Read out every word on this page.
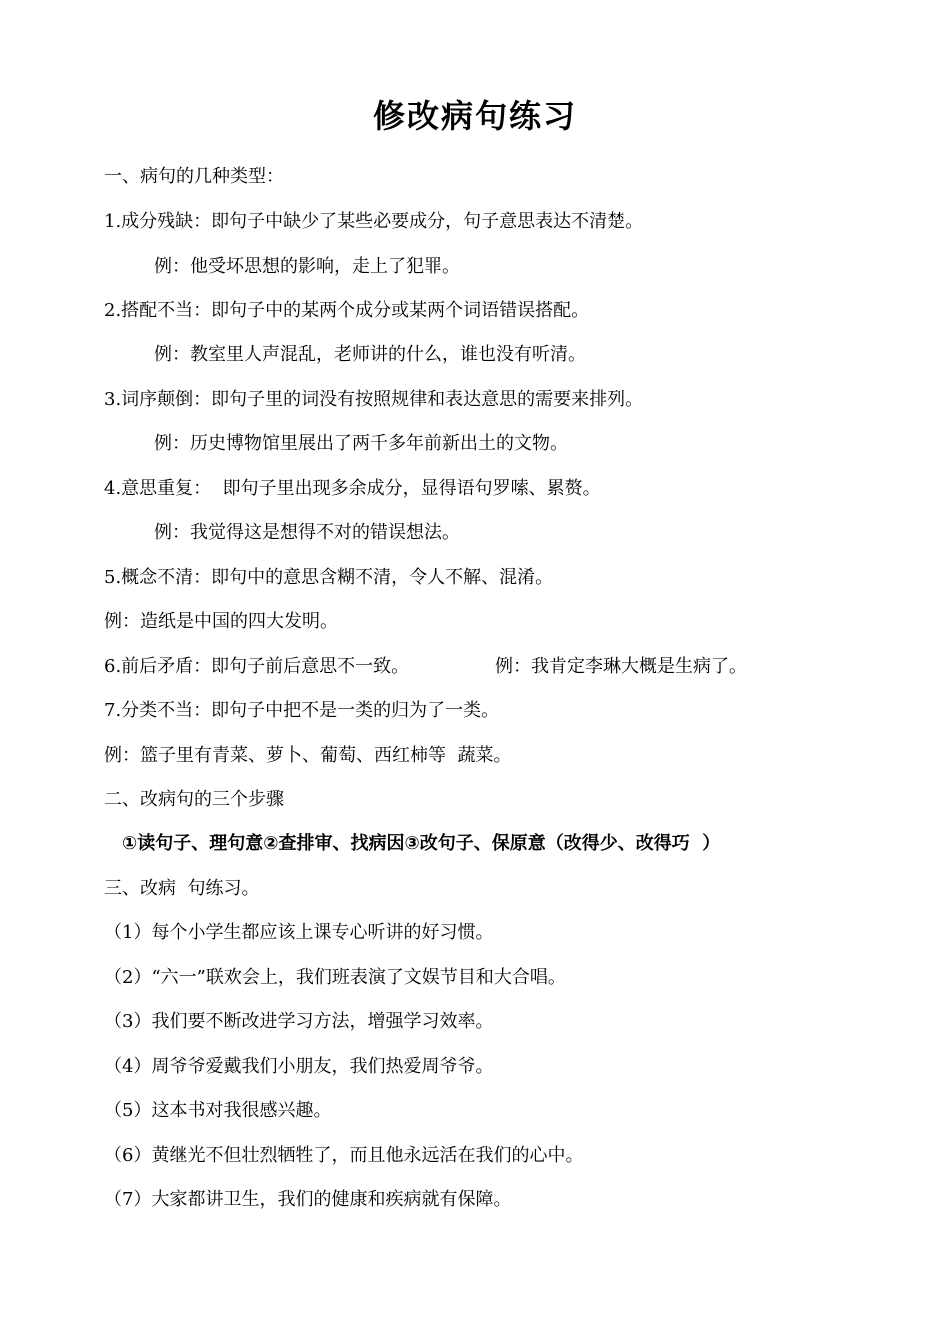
修改病句练习
一、病句的几种类型：
1.成分残缺：即句子中缺少了某些必要成分，句子意思表达不清楚。
例：他受坏思想的影响，走上了犯罪。
2.搭配不当：即句子中的某两个成分或某两个词语错误搭配。
例：教室里人声混乱，老师讲的什么，谁也没有听清。
3.词序颠倒：即句子里的词没有按照规律和表达意思的需要来排列。
例：历史博物馆里展出了两千多年前新出土的文物。
4.意思重复：  即句子里出现多余成分，显得语句罗嗦、累赘。
例：我觉得这是想得不对的错误想法。
5.概念不清：即句中的意思含糊不清，令人不解、混淆。
例：造纸是中国的四大发明。
6.前后矛盾：即句子前后意思不一致。	例：我肯定李琳大概是生病了。
7.分类不当：即句子中把不是一类的归为了一类。
例：篮子里有青菜、萝卜、葡萄、西红柿等  蔬菜。
二、改病句的三个步骤
①读句子、理句意②查排审、找病因③改句子、保原意（改得少、改得巧  ）
三、改病  句练习。
（1）每个小学生都应该上课专心听讲的好习惯。
（2）“六一”联欢会上，我们班表演了文娱节目和大合唱。
（3）我们要不断改进学习方法，增强学习效率。
（4）周爷爷爱戴我们小朋友，我们热爱周爷爷。
（5）这本书对我很感兴趣。
（6）黄继光不但壮烈牺牲了，而且他永远活在我们的心中。
（7）大家都讲卫生，我们的健康和疾病就有保障。
